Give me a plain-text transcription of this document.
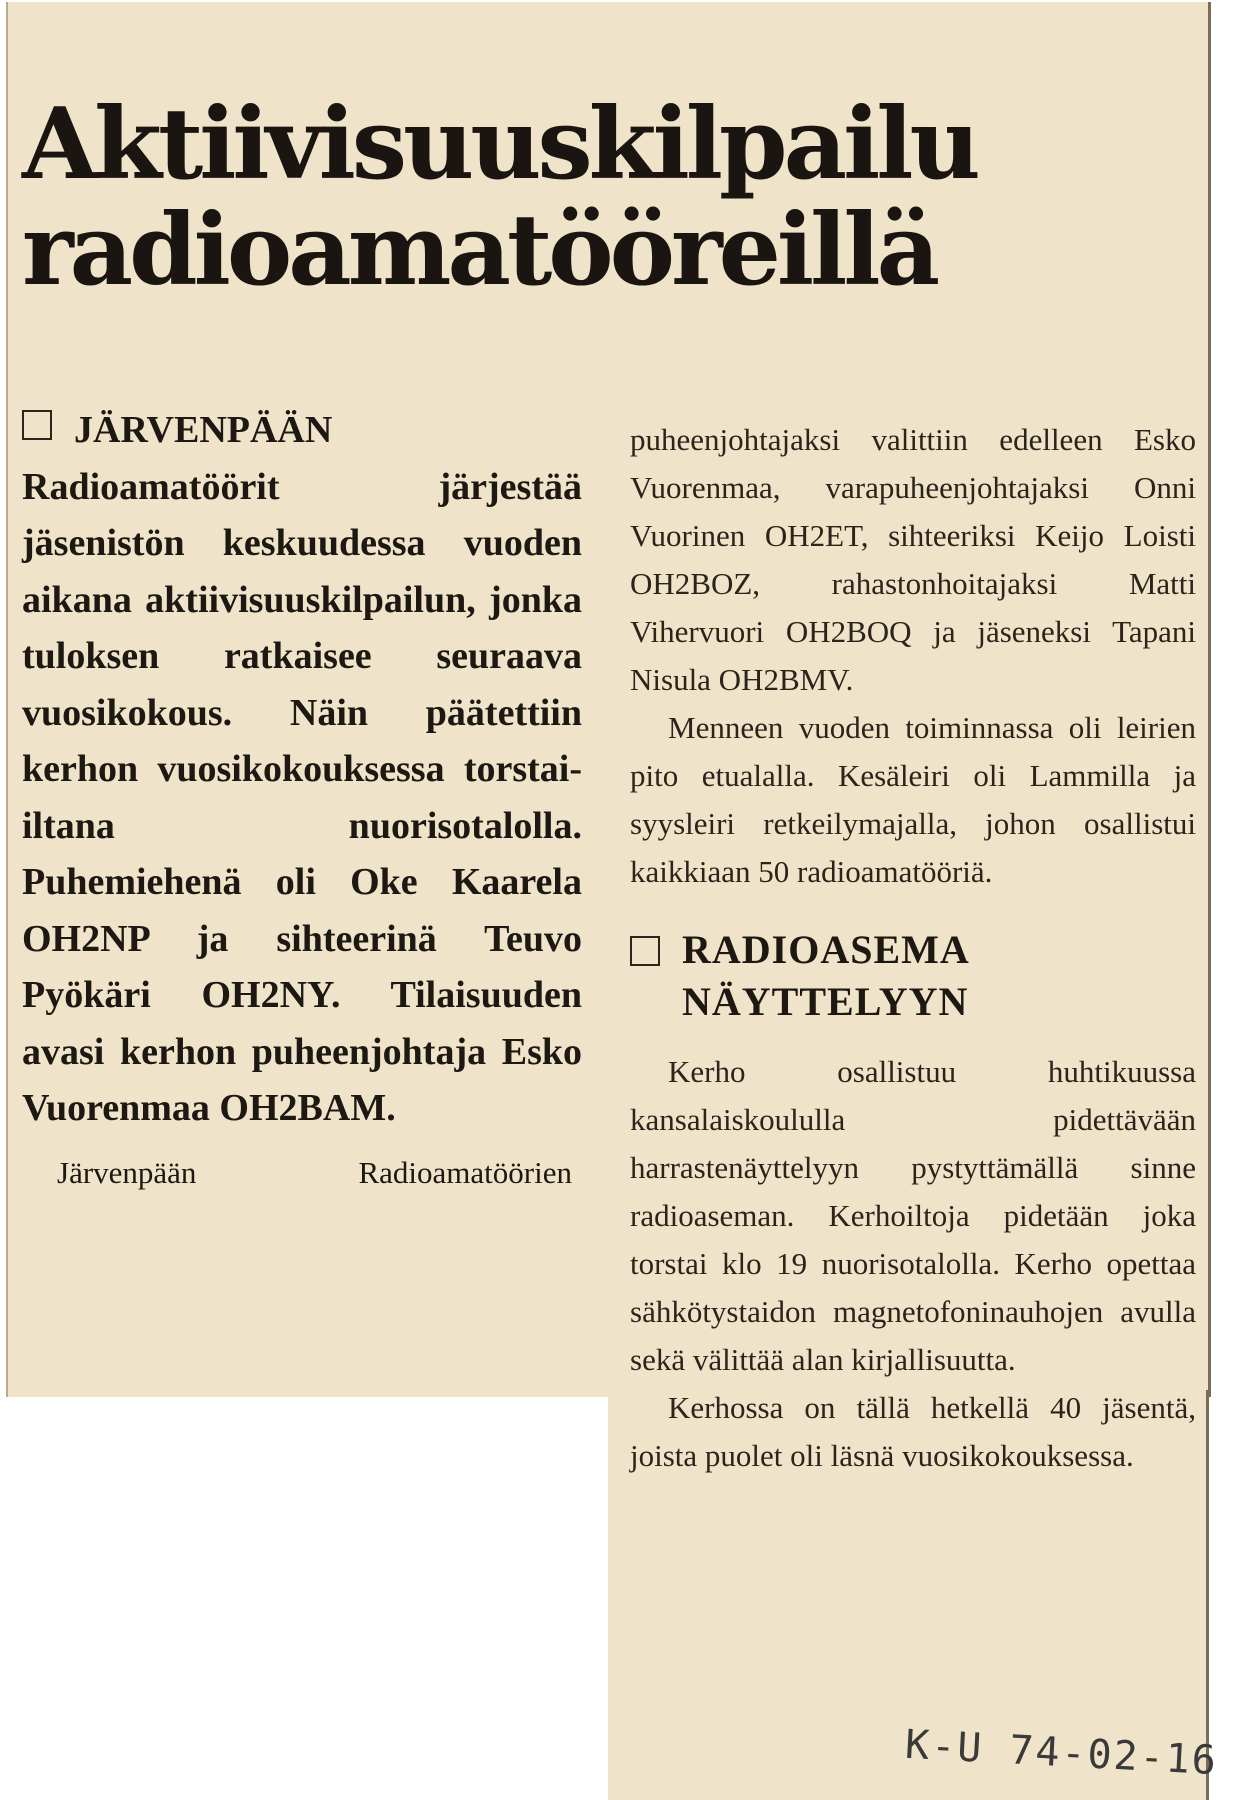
Aktiivisuuskilpailu
radioamatööreillä
JÄRVENPÄÄN Radioamatöörit järjestää jäsenistön keskuudessa vuoden aikana aktiivisuuskilpailun, jonka tuloksen ratkaisee seuraava vuosikokous. Näin päätettiin kerhon vuosikokouksessa torstai-iltana nuorisotalolla. Puhemiehenä oli Oke Kaarela OH2NP ja sihteerinä Teuvo Pyökäri OH2NY. Tilaisuuden avasi kerhon puheenjohtaja Esko Vuorenmaa OH2BAM.
Järvenpään	Radioamatöörien

puheenjohtajaksi valittiin edelleen Esko Vuorenmaa, varapuheenjohtajaksi Onni Vuorinen OH2ET, sihteeriksi Keijo Loisti OH2BOZ, rahastonhoitajaksi Matti Vihervuori OH2BOQ ja jäseneksi Tapani Nisula OH2BMV.

Menneen vuoden toiminnassa oli leirien pito etualalla. Kesäleiri oli Lammilla ja syysleiri retkeilymajalla, johon osallistui kaikkiaan 50 radioamatööriä.

RADIOASEMA
NÄYTTELYYN

Kerho osallistuu huhtikuussa kansalaiskoululla pidettävään harrastenäyttelyyn pystyttämällä sinne radioaseman. Kerhoiltoja pidetään joka torstai klo 19 nuorisotalolla. Kerho opettaa sähkötystaidon magnetofoninauhojen avulla sekä välittää alan kirjallisuutta.

Kerhossa on tällä hetkellä 40 jäsentä, joista puolet oli läsnä vuosikokouksessa.

K-U 74-02-16
